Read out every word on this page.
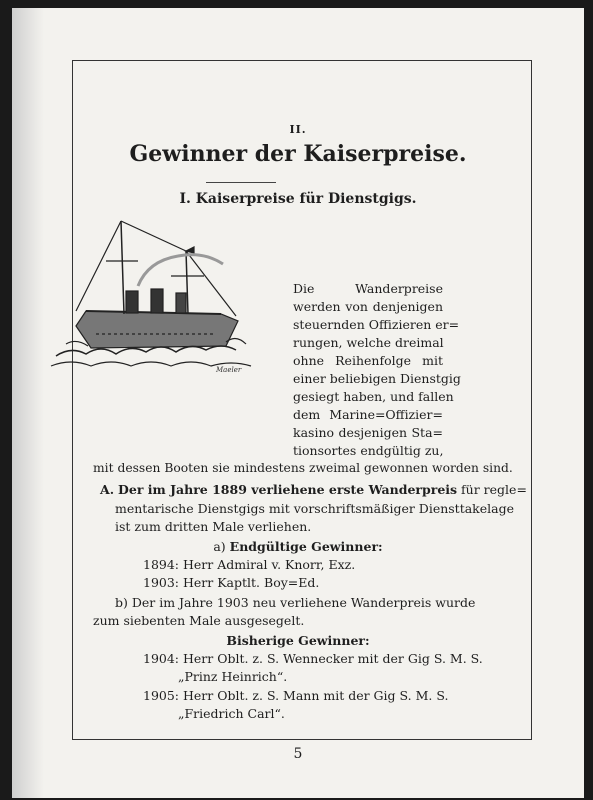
II.
Gewinner der Kaiserpreise.
I. Kaiserpreise für Dienstgigs.
Maeler
Die Wanderpreise
werden von denjenigen
steuernden Offizieren er=
rungen, welche dreimal
ohne Reihenfolge mit
einer beliebigen Dienstgig
gesiegt haben, und fallen
dem Marine=Offizier=
kasino desjenigen Sta=
tionsortes endgültig zu,
mit dessen Booten sie mindestens zweimal gewonnen worden sind.
A. Der im Jahre 1889 verliehene erste Wanderpreis für regle=
mentarische Dienstgigs mit vorschriftsmäßiger Diensttakelage
ist zum dritten Male verliehen.
a) Endgültige Gewinner:
1894: Herr Admiral v. Knorr, Exz.
1903: Herr Kaptlt. Boy=Ed.
b) Der im Jahre 1903 neu verliehene Wanderpreis wurde
zum siebenten Male ausgesegelt.
Bisherige Gewinner:
1904: Herr Oblt. z. S. Wennecker mit der Gig S. M. S.
„Prinz Heinrich“.
1905: Herr Oblt. z. S. Mann mit der Gig S. M. S.
„Friedrich Carl“.
5
